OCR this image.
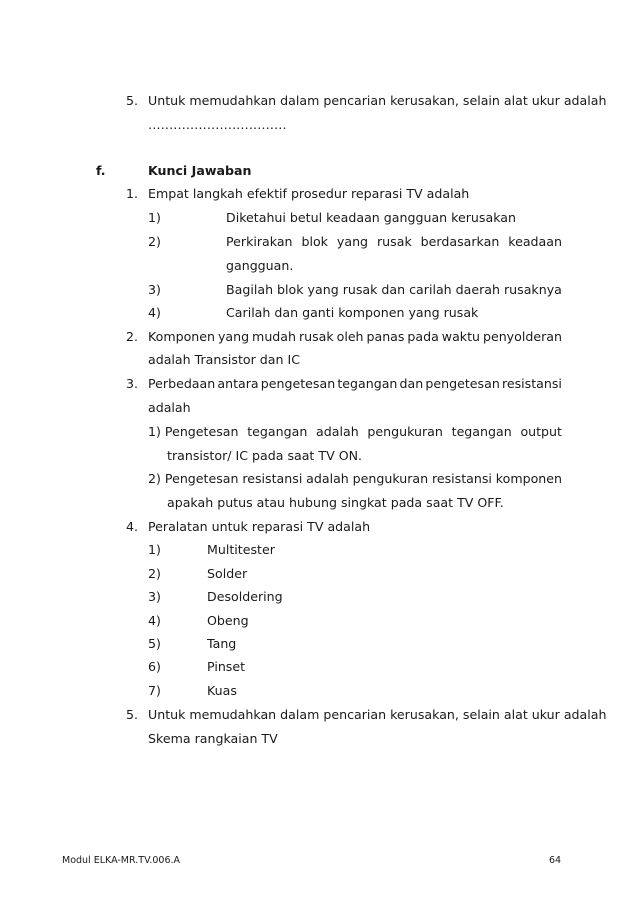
5. Untuk memudahkan dalam pencarian kerusakan, selain alat ukur adalah
……………………………
f.	Kunci Jawaban
1. Empat langkah efektif prosedur reparasi TV adalah
1)	Diketahui betul keadaan gangguan kerusakan
2)	Perkirakan blok yang rusak berdasarkan keadaan
gangguan.
3)	Bagilah blok yang rusak dan carilah daerah rusaknya
4)	Carilah dan ganti komponen yang rusak
2. Komponen yang mudah rusak oleh panas pada waktu penyolderan
adalah Transistor dan IC
3. Perbedaan antara pengetesan tegangan dan pengetesan resistansi
adalah
1) Pengetesan tegangan adalah pengukuran tegangan output
transistor/ IC pada saat TV ON.
2) Pengetesan resistansi adalah pengukuran resistansi komponen
apakah putus atau hubung singkat pada saat TV OFF.
4. Peralatan untuk reparasi TV adalah
1)	Multitester
2)	Solder
3)	Desoldering
4)	Obeng
5)	Tang
6)	Pinset
7)	Kuas
5. Untuk memudahkan dalam pencarian kerusakan, selain alat ukur adalah
Skema rangkaian TV
Modul ELKA-MR.TV.006.A	64
